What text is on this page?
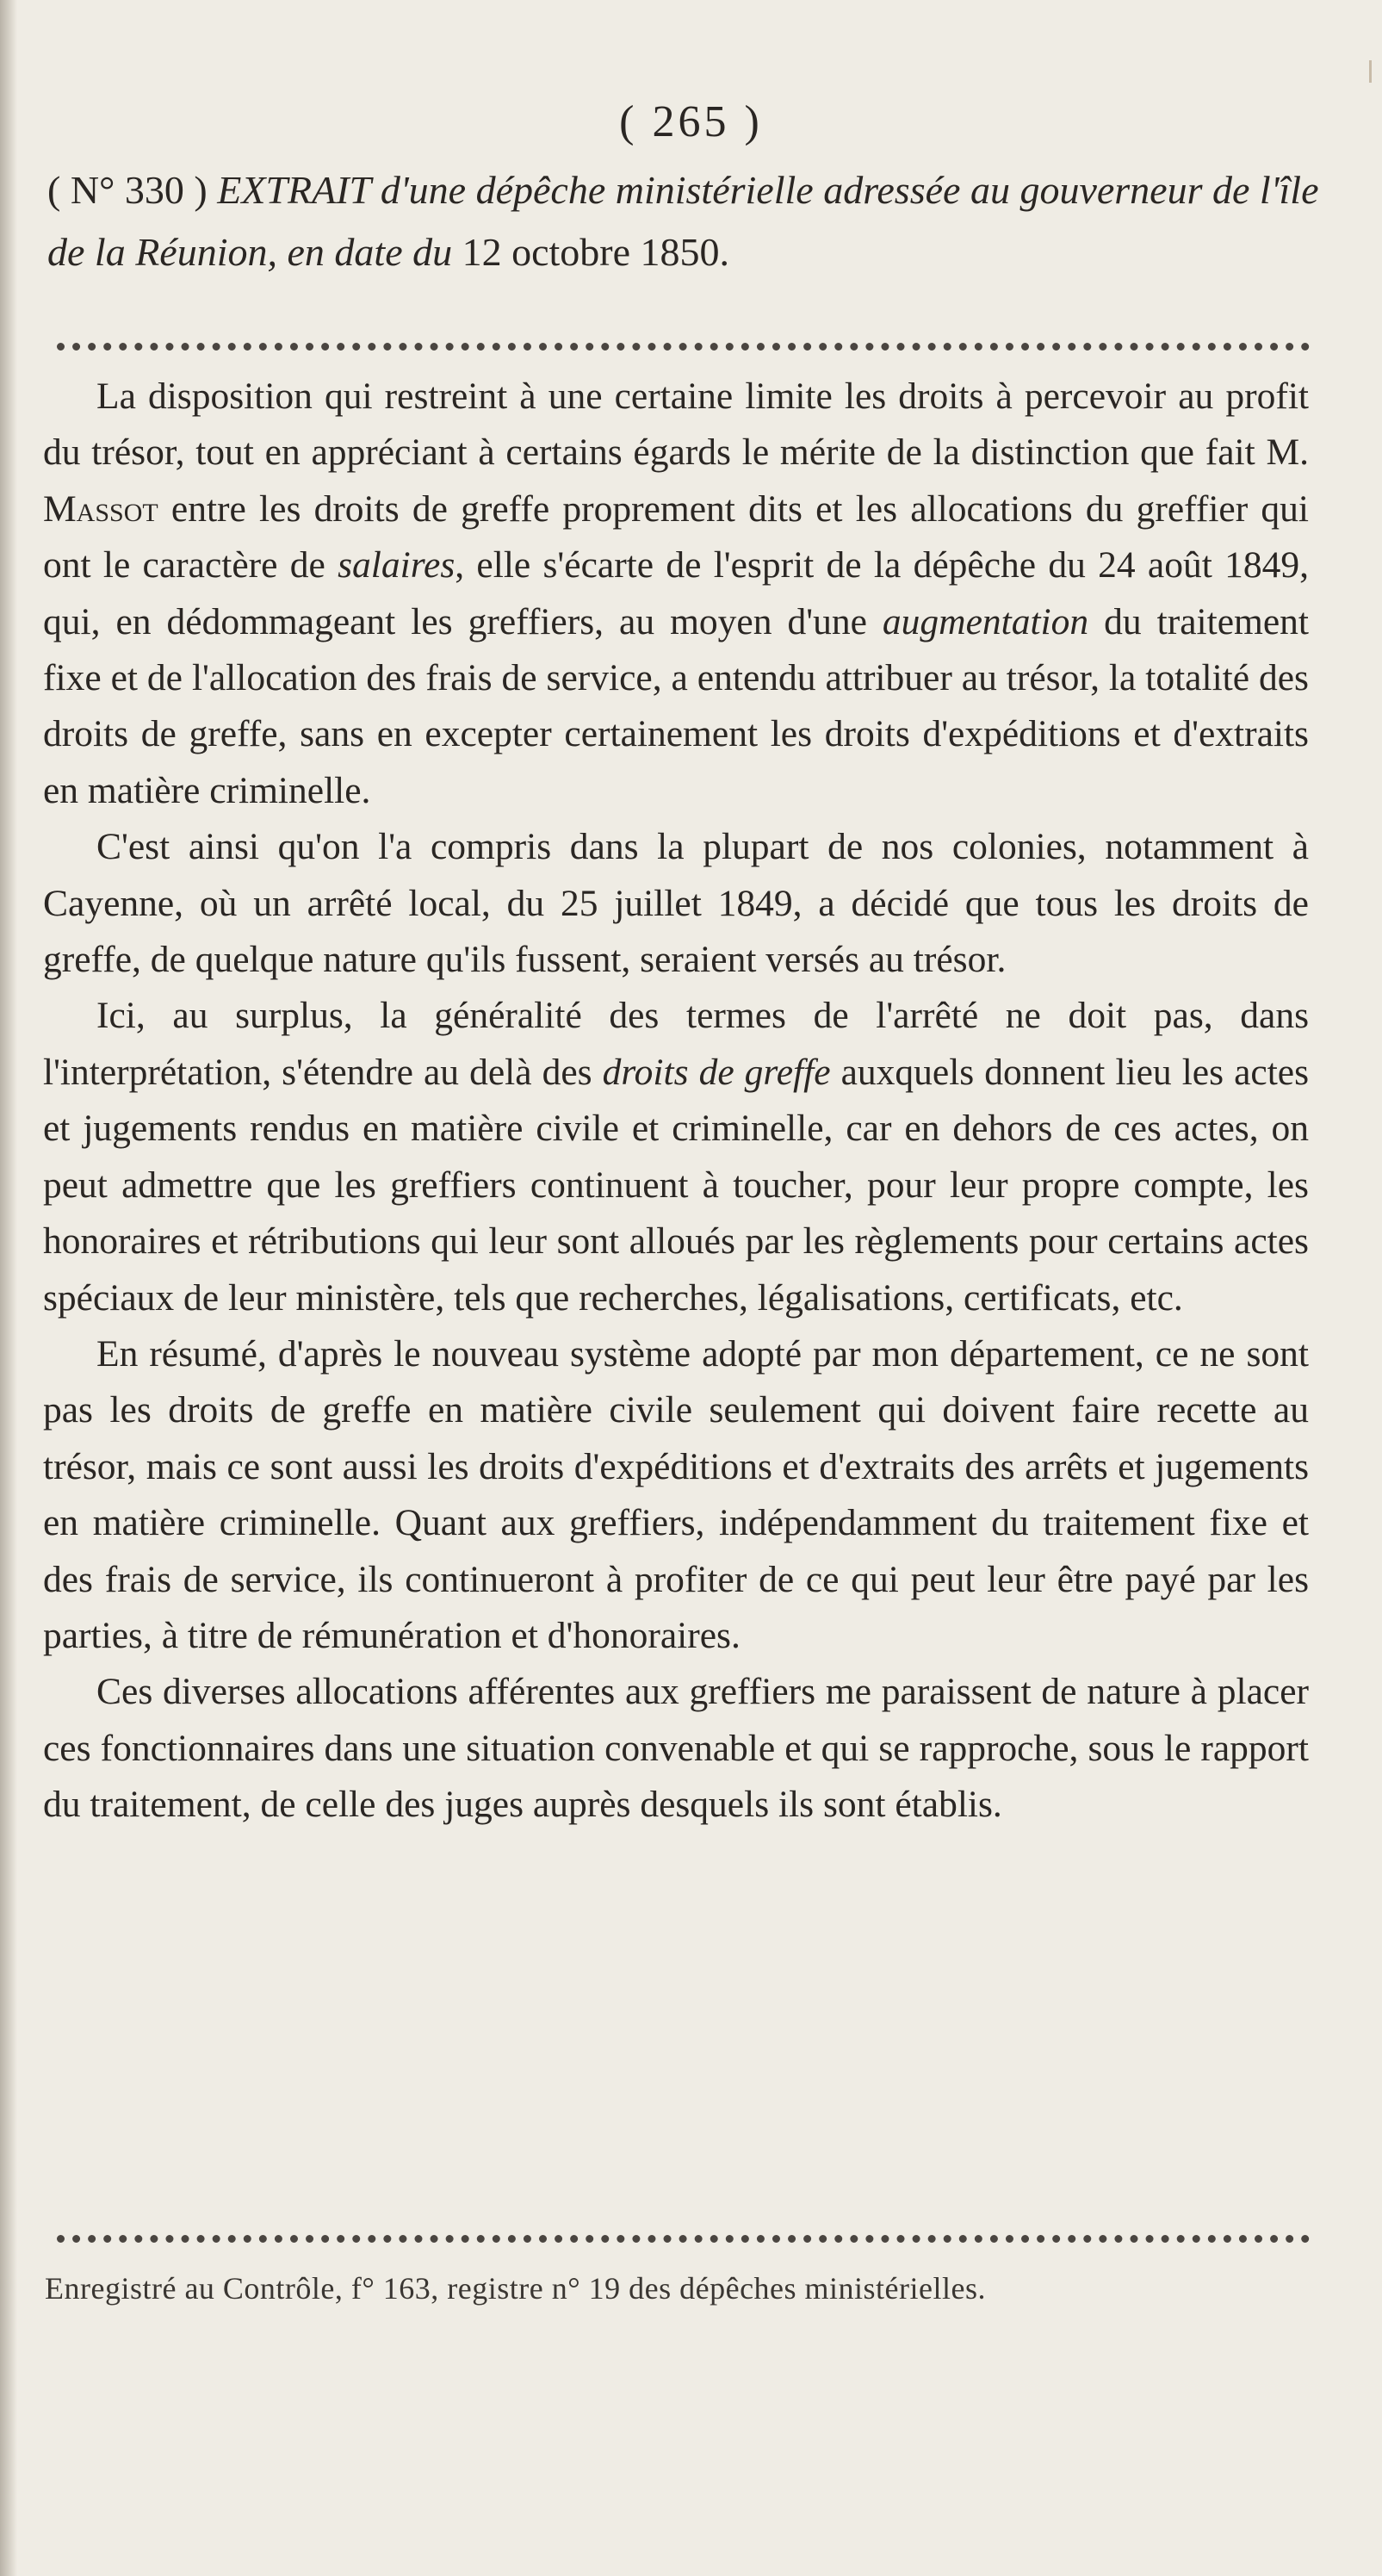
( 265 )
( N° 330 ) EXTRAIT d'une dépêche ministérielle adressée au gouverneur de l'île de la Réunion, en date du 12 octobre 1850.

La disposition qui restreint à une certaine limite les droits à percevoir au profit du trésor, tout en appréciant à certains égards le mérite de la distinction que fait M. Massot entre les droits de greffe proprement dits et les allocations du greffier qui ont le caractère de salaires, elle s'écarte de l'esprit de la dépêche du 24 août 1849, qui, en dédommageant les greffiers, au moyen d'une augmentation du traitement fixe et de l'allocation des frais de service, a entendu attribuer au trésor, la totalité des droits de greffe, sans en excepter certainement les droits d'expéditions et d'extraits en matière criminelle.

C'est ainsi qu'on l'a compris dans la plupart de nos colonies, notamment à Cayenne, où un arrêté local, du 25 juillet 1849, a décidé que tous les droits de greffe, de quelque nature qu'ils fussent, seraient versés au trésor.

Ici, au surplus, la généralité des termes de l'arrêté ne doit pas, dans l'interprétation, s'étendre au delà des droits de greffe auxquels donnent lieu les actes et jugements rendus en matière civile et criminelle, car en dehors de ces actes, on peut admettre que les greffiers continuent à toucher, pour leur propre compte, les honoraires et rétributions qui leur sont alloués par les règlements pour certains actes spéciaux de leur ministère, tels que recherches, légalisations, certificats, etc.

En résumé, d'après le nouveau système adopté par mon département, ce ne sont pas les droits de greffe en matière civile seulement qui doivent faire recette au trésor, mais ce sont aussi les droits d'expéditions et d'extraits des arrêts et jugements en matière criminelle. Quant aux greffiers, indépendamment du traitement fixe et des frais de service, ils continueront à profiter de ce qui peut leur être payé par les parties, à titre de rémunération et d'honoraires.

Ces diverses allocations afférentes aux greffiers me paraissent de nature à placer ces fonctionnaires dans une situation convenable et qui se rapproche, sous le rapport du traitement, de celle des juges auprès desquels ils sont établis.

Enregistré au Contrôle, f° 163, registre n° 19 des dépêches ministérielles.
